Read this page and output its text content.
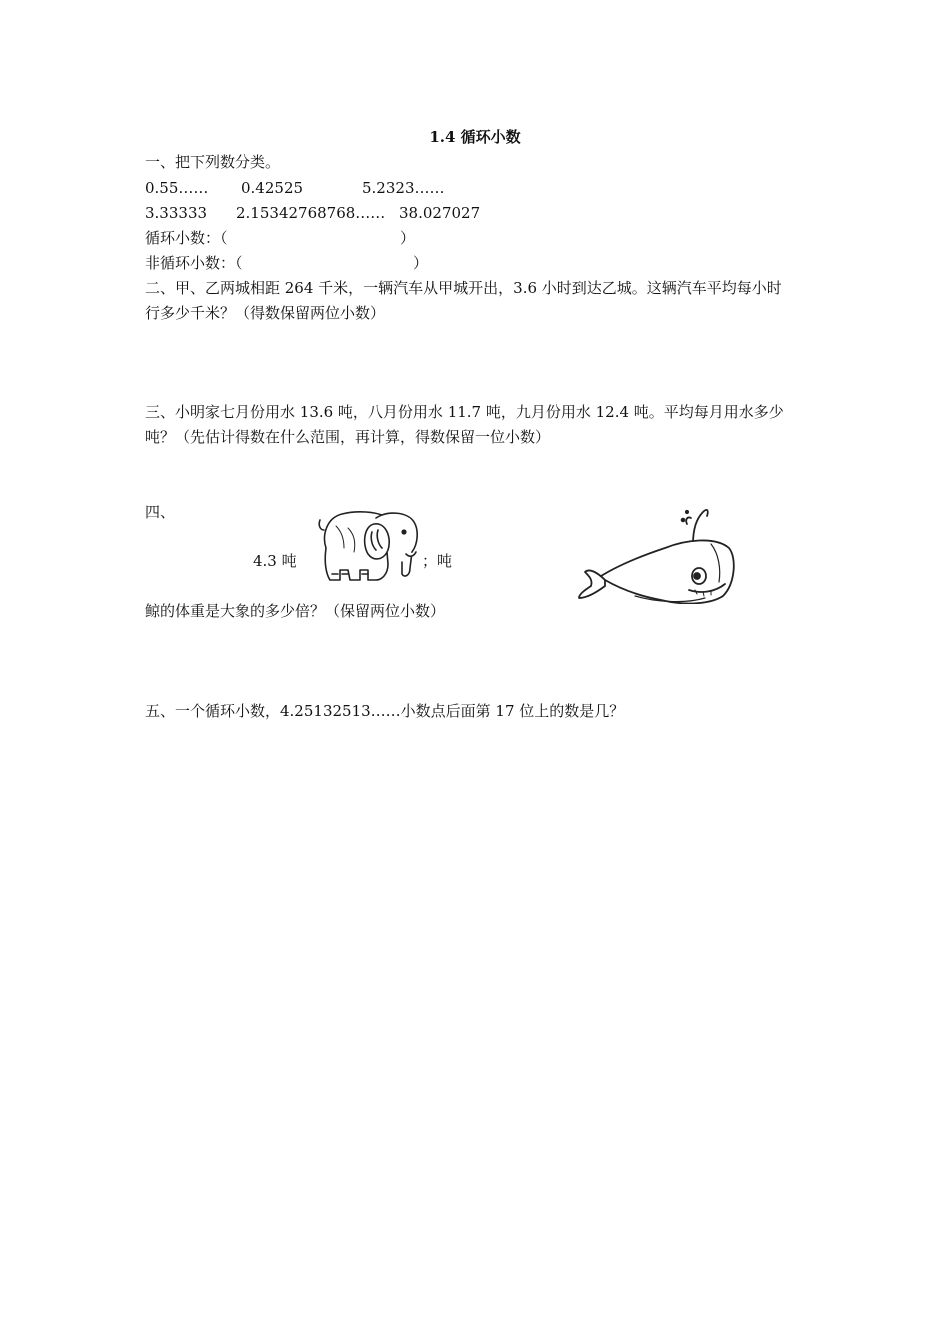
1.4 循环小数
一、把下列数分类。
0.55…… 0.42525	5.2323……
3.33333 2.15342768768…… 38.027027
循环小数：（	）
非循环小数：（	）
二、甲、乙两城相距 264 千米，一辆汽车从甲城开出，3.6 小时到达乙城。这辆汽车平均每小时
行多少千米？（得数保留两位小数）
三、小明家七月份用水 13.6 吨，八月份用水 11.7 吨，九月份用水 12.4 吨。平均每月用水多少
吨？（先估计得数在什么范围，再计算，得数保留一位小数）
四、
4.3 吨	；吨
鲸的体重是大象的多少倍？（保留两位小数）
五、一个循环小数，4.25132513……小数点后面第 17 位上的数是几？
